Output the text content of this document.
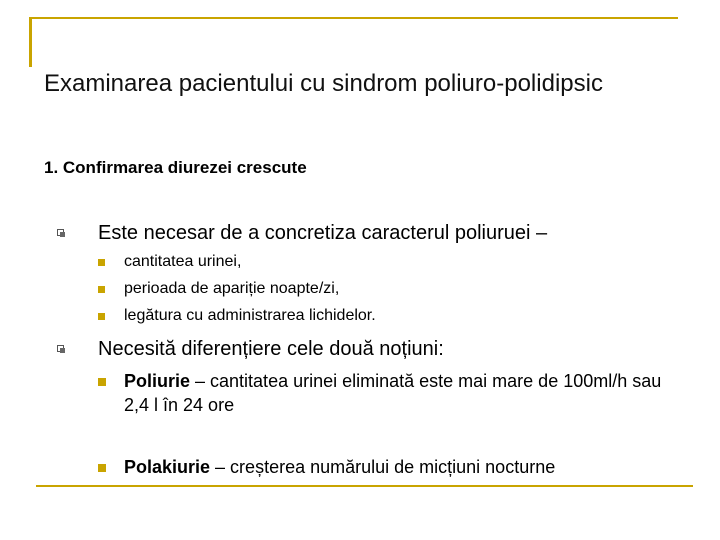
Examinarea pacientului cu sindrom poliuro-polidipsic
1. Confirmarea diurezei crescute
Este necesar de a concretiza caracterul poliuruei –
cantitatea urinei,
perioada de apariție noapte/zi,
legătura cu administrarea lichidelor.
Necesită diferențiere cele două noțiuni:
Poliurie – cantitatea urinei eliminată este mai mare de 100ml/h sau 2,4 l în 24 ore
Polakiurie – creșterea numărului de micțiuni nocturne
